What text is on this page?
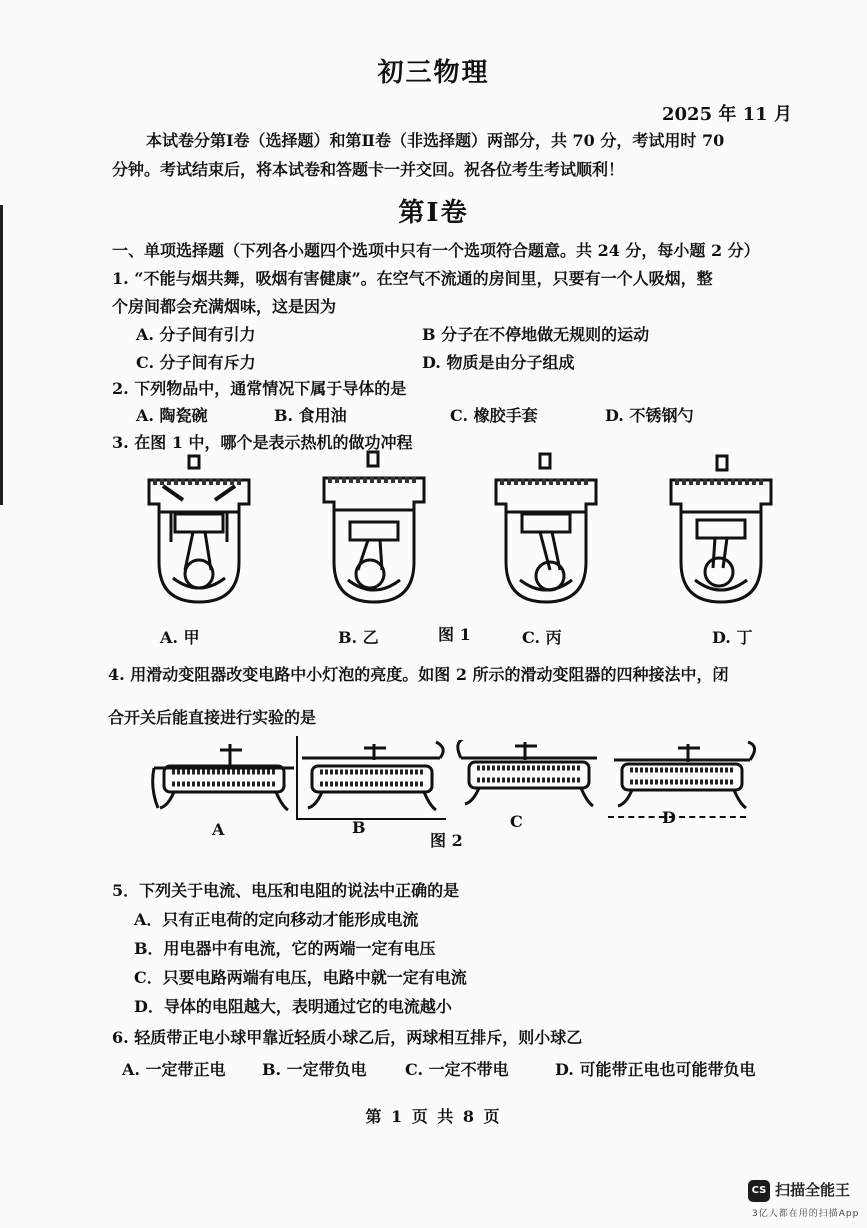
初三物理
2025 年 11 月
本试卷分第Ⅰ卷（选择题）和第Ⅱ卷（非选择题）两部分，共 70 分，考试用时 70
分钟。考试结束后，将本试卷和答题卡一并交回。祝各位考生考试顺利！
第Ⅰ卷
一、单项选择题（下列各小题四个选项中只有一个选项符合题意。共 24 分，每小题 2 分）
1. “不能与烟共舞，吸烟有害健康”。在空气不流通的房间里，只要有一个人吸烟，整
个房间都会充满烟味，这是因为
A. 分子间有引力	B 分子在不停地做无规则的运动
C. 分子间有斥力	D. 物质是由分子组成
2. 下列物品中，通常情况下属于导体的是
A. 陶瓷碗	B. 食用油	C. 橡胶手套	D. 不锈钢勺
3. 在图 1 中，哪个是表示热机的做功冲程
A. 甲	B. 乙	图 1	C. 丙	D. 丁
4. 用滑动变阻器改变电路中小灯泡的亮度。如图 2 所示的滑动变阻器的四种接法中，闭
合开关后能直接进行实验的是
A	B
图 2
C	D
5．下列关于电流、电压和电阻的说法中正确的是
A．只有正电荷的定向移动才能形成电流
B．用电器中有电流，它的两端一定有电压
C．只要电路两端有电压，电路中就一定有电流
D．导体的电阻越大，表明通过它的电流越小
6. 轻质带正电小球甲靠近轻质小球乙后，两球相互排斥，则小球乙
A. 一定带正电 B. 一定带负电 C. 一定不带电	D. 可能带正电也可能带负电
第 1 页 共 8 页
CS 扫描全能王
3亿人都在用的扫描App
